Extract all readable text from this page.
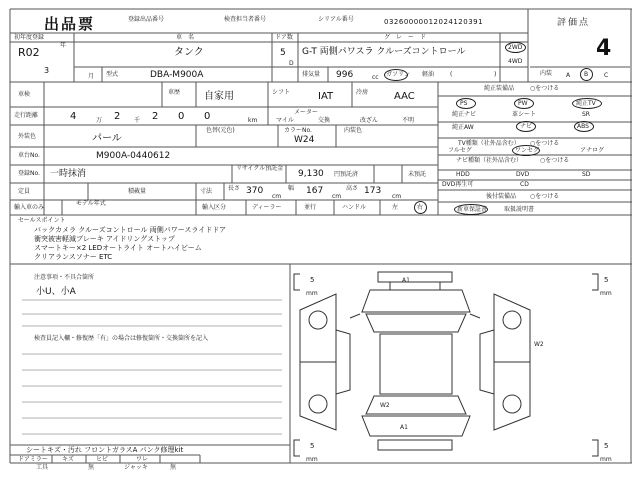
出品票	登録出品番号	検査担当者番号	シリアル番号	03260000012024120391	評価点
4
初年度登録
R02
年
3
月
車　名
タンク
ドア数
5
D
グ　レ　ー　ド
G-T 両側パワスラ クルーズコントロール	2WD
4WD
型式	DBA-M900A	排気量 996	cc ガソリン 軽油	(	)	内装 A B	C
車検	車歴 自家用	シフト	IAT	冷房	AAC
走行距離	4	万 2 千 2 0 0	km
メーター
マイル	交換	改ざん	不明
外装色	パール
色替(元色)	カラーNo.
W24
内装色
車台No.	M900A-0440612
登録No. 一時抹消
リサイクル預託金
9,130 円預託済	未預託
定員	積載量	寸法	長さ 370
cm
幅 167
cm
高さ 173
cm
輸入車のみ
モデル年式
輸入区分	ディーラー	並行	ハンドル	左	右
純正装備品	○をつける
PS	PW	純正TV
純正ナビ	革シート	SR
純正AW	ナビ	ABS
TV種類（社外品含む） ○をつける
フルセグ	ワンセグ	アナログ
ナビ種類（社外品含む）	○をつける
HDD	DVD	SD
DVD再生可	CD
後付装備品 ○をつける
新車保証書	取扱説明書
セールスポイント
バックカメラ クルーズコントロール 両側パワースライドドア
衝突被害軽減ブレーキ アイドリングストップ
スマートキー×2 LEDオートライト オートハイビーム
クリアランスソナー ETC
注意事項・不具合箇所
小U、小A
検査員記入欄・修復歴「有」の場合は修復箇所・交換箇所を記入
シートキズ・汚れ フロントガラスA パンク修理kit
ドアミラー キズ	ヒビ	ワレ
工具	無	ジャッキ	無
A1
W2
W2
A1
5
mm
5
mm
5
mm
5
mm
